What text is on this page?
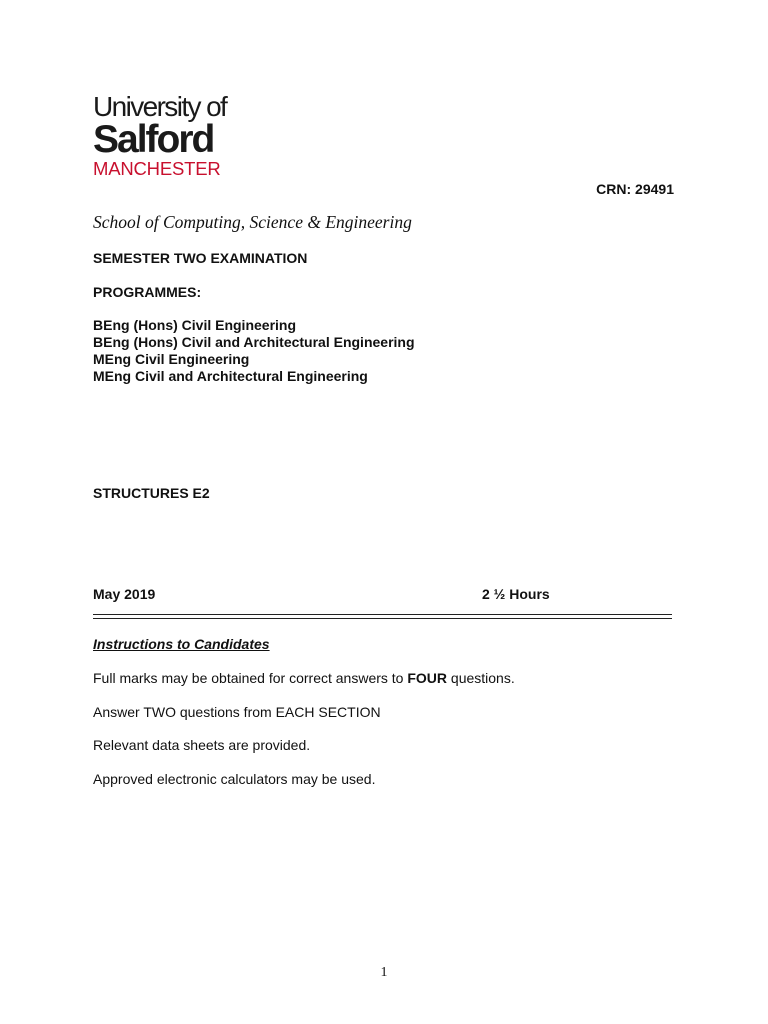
University of
Salford
MANCHESTER
CRN: 29491
School of Computing, Science & Engineering
SEMESTER TWO EXAMINATION
PROGRAMMES:
BEng (Hons) Civil Engineering
BEng (Hons) Civil and Architectural Engineering
MEng Civil Engineering
MEng Civil and Architectural Engineering
STRUCTURES E2
May 2019	2 ½ Hours
Instructions to Candidates
Full marks may be obtained for correct answers to FOUR questions.
Answer TWO questions from EACH SECTION
Relevant data sheets are provided.
Approved electronic calculators may be used.
1
